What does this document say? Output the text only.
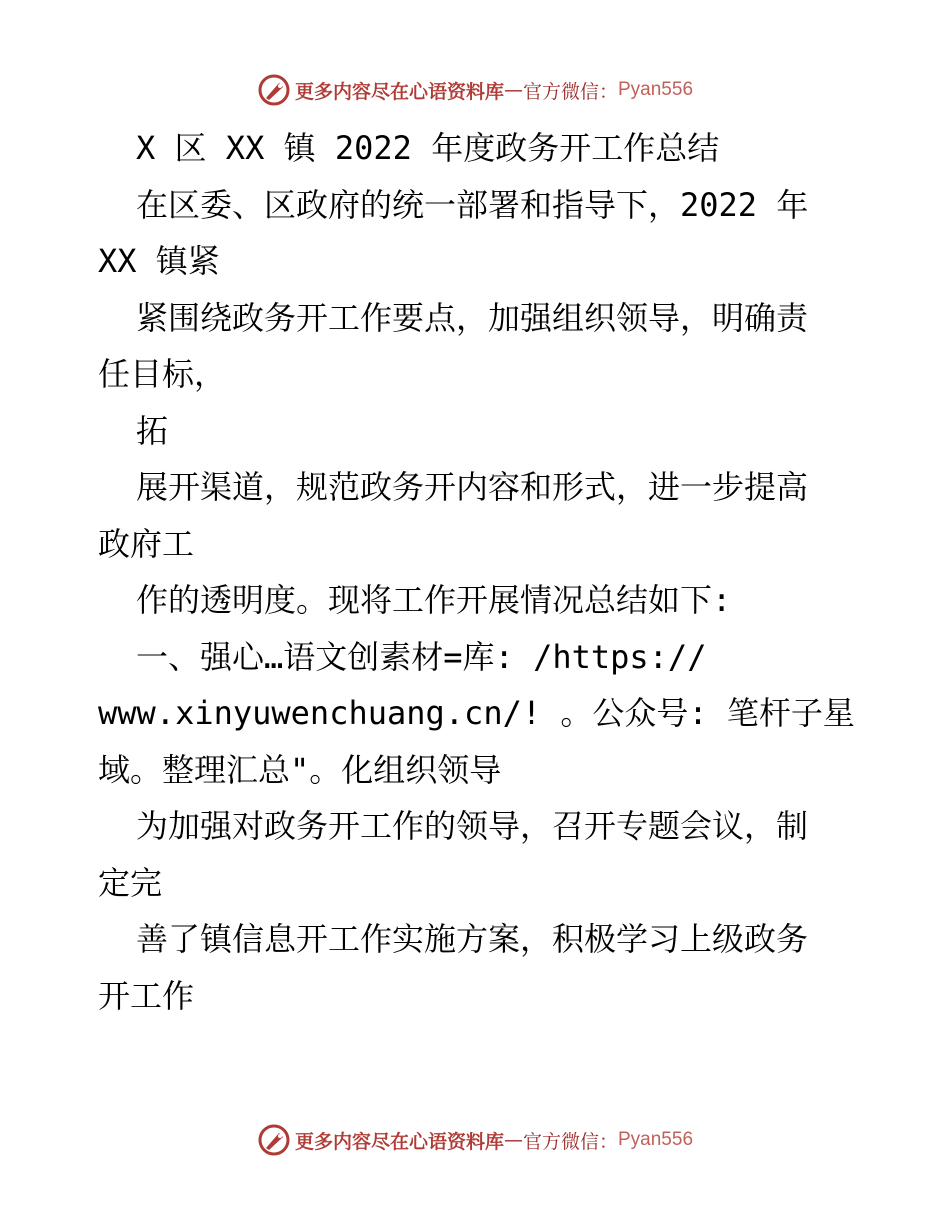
更多内容尽在心语资料库 — 官方微信： Pyan556
X 区 XX 镇 2022 年度政务开工作总结
在区委、区政府的统一部署和指导下，2022 年
XX 镇紧
紧围绕政务开工作要点，加强组织领导，明确责
任目标，
拓
展开渠道，规范政务开内容和形式，进一步提高
政府工
作的透明度。现将工作开展情况总结如下:
一、强心…语文创素材=库: /https://
www.xinyuwenchuang.cn/! 。公众号: 笔杆子星
域。整理汇总"。化组织领导
为加强对政务开工作的领导，召开专题会议，制
定完
善了镇信息开工作实施方案，积极学习上级政务
开工作
更多内容尽在心语资料库 — 官方微信： Pyan556
